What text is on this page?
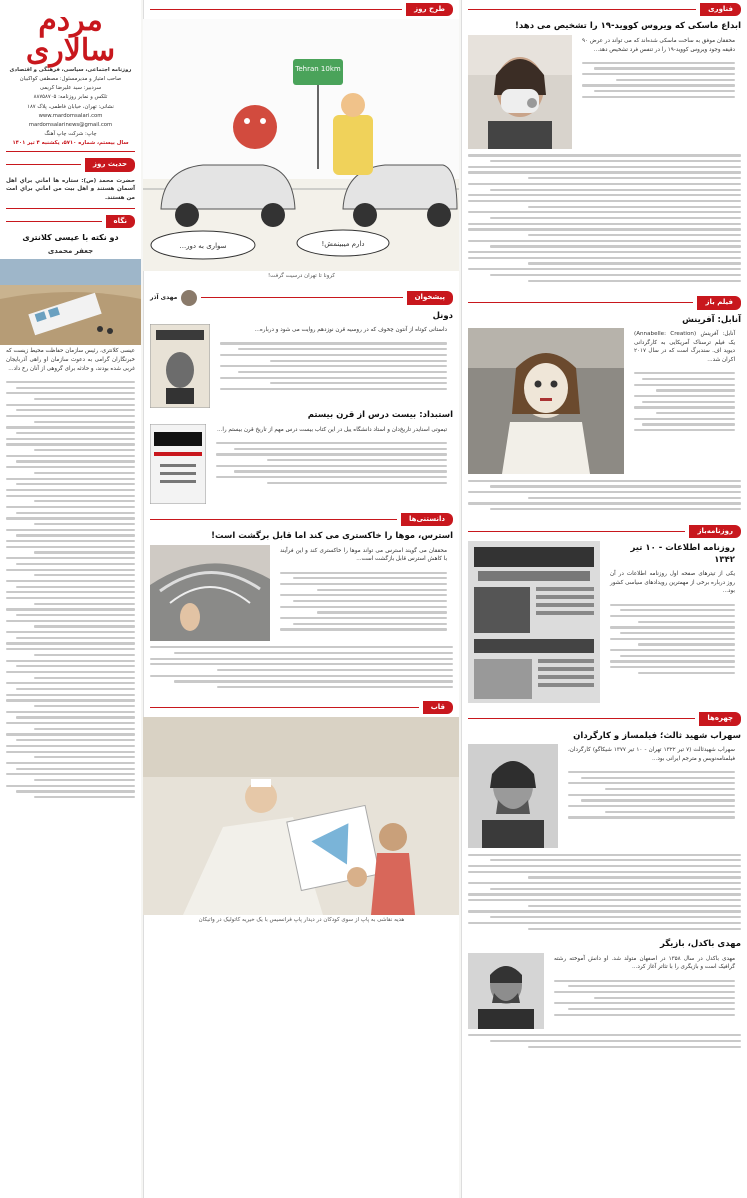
فناوری
ابداع ماسکی که ویروس کووید-۱۹ را تشخیص می دهد!
محققان موفق به ساخت ماسکی شده‌اند که می تواند در عرض ۹۰ دقیقه وجود ویروس کووید-۱۹ را در تنفس فرد تشخیص دهد...
فیلم باز
آنابل: آفرینش
آنابل: آفرینش (Annabelle: Creation) یک فیلم ترسناک آمریکایی به کارگردانی دیوید اف. سندبرگ است که در سال ۲۰۱۷ اکران شد...
روزنامه‌باز
روزنامه اطلاعات - ۱۰ تیر ۱۳۴۲
یکی از تیترهای صفحه اول روزنامه اطلاعات در آن روز درباره برخی از مهمترین رویدادهای سیاسی کشور بود...
چهره‌ها
سهراب شهید ثالث؛ فیلمساز و کارگردان
سهراب شهیدثالث (۷ تیر ۱۳۲۲ تهران - ۱۰ تیر ۱۳۷۷ شیکاگو) کارگردان، فیلمنامه‌نویس و مترجم ایرانی بود...
مهدی باکدل، بازیگر
مهدی باکدل در سال ۱۳۵۸ در اصفهان متولد شد. او دانش آموخته رشته گرافیک است و بازیگری را با تئاتر آغاز کرد...
طرح روز
Tehran 10km
سواری به دور...	دارم میبینمش!
کرونا تا تهران درسیت گرفت!
پیشخوان
مهدی آذر
دونل
داستانی کوتاه از آنتون چخوف که در روسیه قرن نوزدهم روایت می شود و درباره...
استبداد: بیست درس از قرن بیستم
تیموتی اسنایدر تاریخ‌دان و استاد دانشگاه ییل در این کتاب بیست درس مهم از تاریخ قرن بیستم را...
دانستنی‌ها
استرس، موها را خاکستری می کند اما قابل برگشت است!
محققان می گویند استرس می تواند موها را خاکستری کند و این فرآیند با کاهش استرس قابل بازگشت است...
قاب
هدیه نقاشی به پاپ از سوی کودکان در دیدار پاپ فرانسیس با یک خیریه کاتولیک در واتیکان
مردم سالاری
روزنامه اجتماعی، سیاسی، فرهنگی و اقتصادی
صاحب امتیاز و مدیرمسئول: مصطفی کواکبیان
سردبیر: سید علیرضا کریمی
تلکس و نمابر روزنامه: ۸۸۷۵۸۷۰۵
نشانی: تهران، خیابان فاطمی، پلاک ۱۸۷
www.mardomsalari.com
mardomsalarinews@gmail.com
چاپ: شرکت چاپ آهنگ
سال بیستم، شماره ۵۷۱۰، یکشنبه ۴ تیر ۱۴۰۱
حدیث روز
حضرت محمد (ص): ستاره ها اماني براي اهل آسمان هستند و اهل بيت من اماني براي امت من هستند.
نگاه
دو نکته با عیسی کلانتری
جعفر محمدی
عیسی کلانتری، رئیس سازمان حفاظت محیط زیست که خبرنگاران گرامی به دعوت سازمان او راهی آذربایجان غربی شده بودند، و حادثه برای گروهی از آنان رخ داد...
